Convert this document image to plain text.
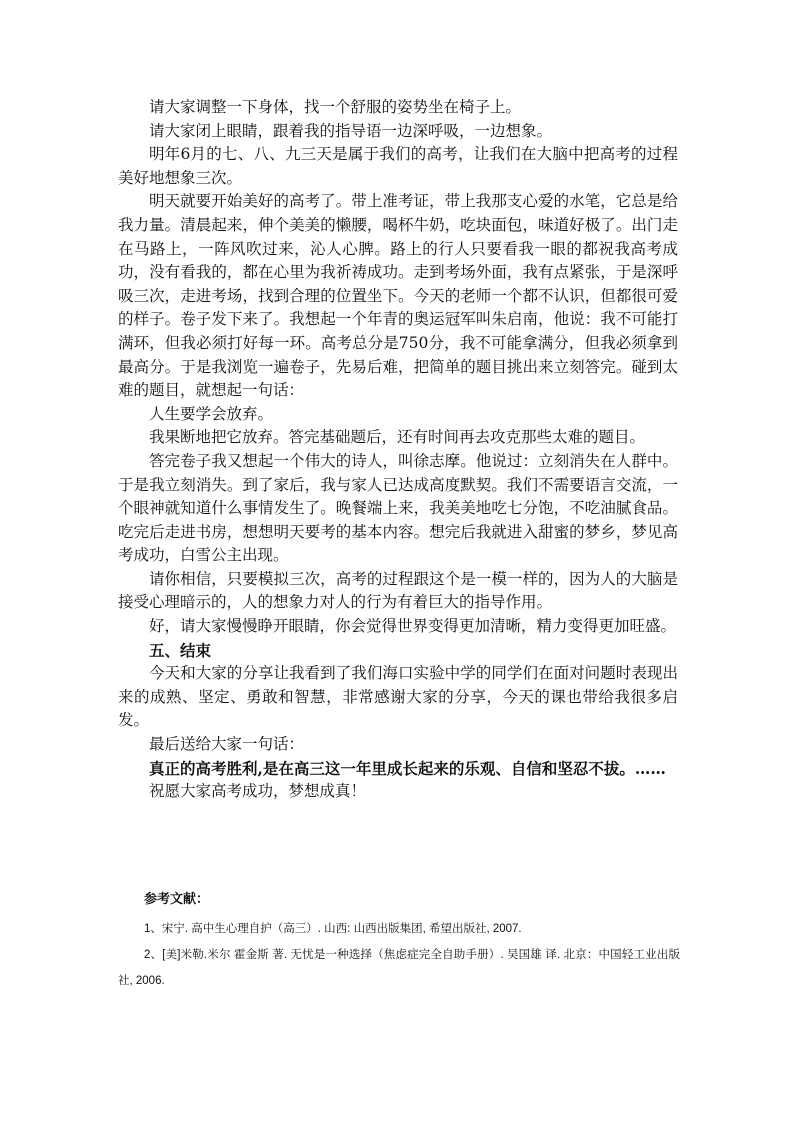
请大家调整一下身体，找一个舒服的姿势坐在椅子上。

请大家闭上眼睛，跟着我的指导语一边深呼吸，一边想象。

明年6月的七、八、九三天是属于我们的高考，让我们在大脑中把高考的过程美好地想象三次。

明天就要开始美好的高考了。带上准考证，带上我那支心爱的水笔，它总是给我力量。清晨起来，伸个美美的懒腰，喝杯牛奶，吃块面包，味道好极了。出门走在马路上，一阵风吹过来，沁人心脾。路上的行人只要看我一眼的都祝我高考成功，没有看我的，都在心里为我祈祷成功。走到考场外面，我有点紧张，于是深呼吸三次，走进考场，找到合理的位置坐下。今天的老师一个都不认识，但都很可爱的样子。卷子发下来了。我想起一个年青的奥运冠军叫朱启南，他说：我不可能打满环，但我必须打好每一环。高考总分是750分，我不可能拿满分，但我必须拿到最高分。于是我浏览一遍卷子，先易后难，把简单的题目挑出来立刻答完。碰到太难的题目，就想起一句话：

人生要学会放弃。

我果断地把它放弃。答完基础题后，还有时间再去攻克那些太难的题目。

答完卷子我又想起一个伟大的诗人，叫徐志摩。他说过：立刻消失在人群中。于是我立刻消失。到了家后，我与家人已达成高度默契。我们不需要语言交流，一个眼神就知道什么事情发生了。晚餐端上来，我美美地吃七分饱，不吃油腻食品。吃完后走进书房，想想明天要考的基本内容。想完后我就进入甜蜜的梦乡，梦见高考成功，白雪公主出现。

请你相信，只要模拟三次，高考的过程跟这个是一模一样的，因为人的大脑是接受心理暗示的，人的想象力对人的行为有着巨大的指导作用。

好，请大家慢慢睁开眼睛，你会觉得世界变得更加清晰，精力变得更加旺盛。

五、结束

今天和大家的分享让我看到了我们海口实验中学的同学们在面对问题时表现出来的成熟、坚定、勇敢和智慧，非常感谢大家的分享，今天的课也带给我很多启发。

最后送给大家一句话：

真正的高考胜利,是在高三这一年里成长起来的乐观、自信和坚忍不拔。……

祝愿大家高考成功，梦想成真！

参考文献：

1、宋宁. 高中生心理自护（高三）. 山西: 山西出版集团, 希望出版社, 2007.

2、[美]米勒.米尔 霍金斯 著. 无忧是一种选择（焦虑症完全自助手册）. 吴国雄 译. 北京：中国轻工业出版社, 2006.
